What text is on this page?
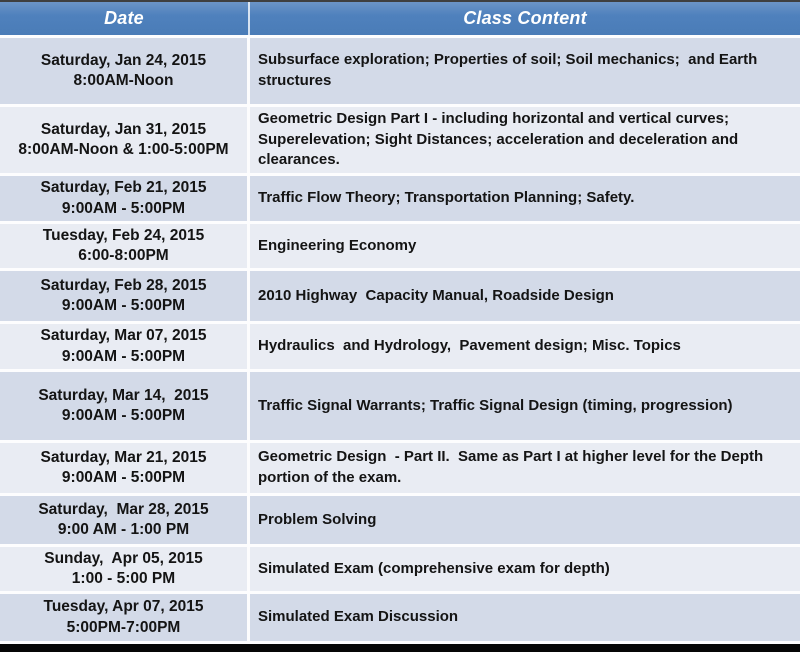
Date	Class Content
Saturday, Jan 24, 2015
8:00AM-Noon
Subsurface exploration; Properties of soil; Soil mechanics;  and Earth structures
Saturday, Jan 31, 2015
8:00AM-Noon & 1:00-5:00PM
Geometric Design Part I - including horizontal and vertical curves;  Superelevation; Sight Distances; acceleration and deceleration and clearances.
Saturday, Feb 21, 2015
9:00AM - 5:00PM
Traffic Flow Theory; Transportation Planning; Safety.
Tuesday, Feb 24, 2015
6:00-8:00PM
Engineering Economy
Saturday, Feb 28, 2015
9:00AM - 5:00PM
2010 Highway  Capacity Manual, Roadside Design
Saturday, Mar 07, 2015
9:00AM - 5:00PM
Hydraulics  and Hydrology,  Pavement design; Misc. Topics
Saturday, Mar 14,  2015
9:00AM - 5:00PM
Traffic Signal Warrants; Traffic Signal Design (timing, progression)
Saturday, Mar 21, 2015
9:00AM - 5:00PM
Geometric Design  - Part II.  Same as Part I at higher level for the Depth portion of the exam.
Saturday,  Mar 28, 2015
9:00 AM - 1:00 PM
Problem Solving
Sunday,  Apr 05, 2015
1:00 - 5:00 PM
Simulated Exam (comprehensive exam for depth)
Tuesday, Apr 07, 2015
5:00PM-7:00PM
Simulated Exam Discussion
